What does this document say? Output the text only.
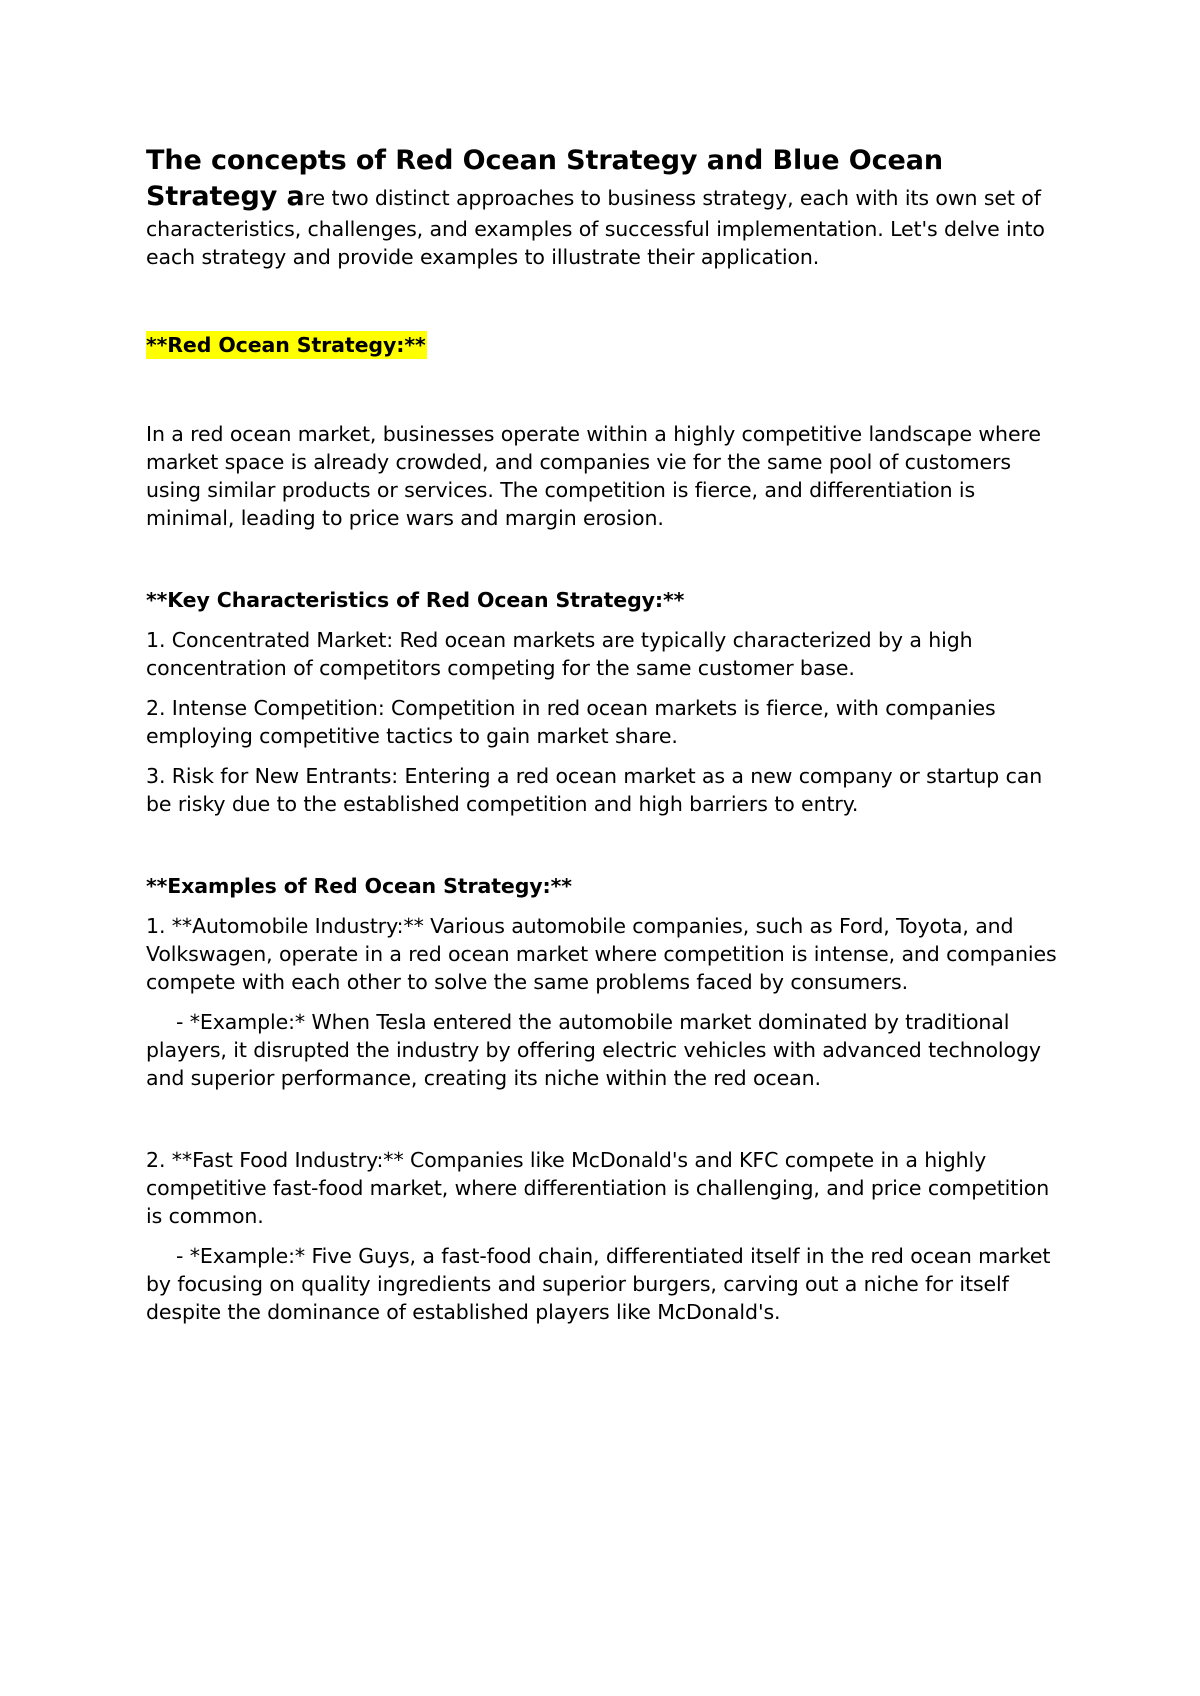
The concepts of Red Ocean Strategy and Blue Ocean Strategy are two distinct approaches to business strategy, each with its own set of characteristics, challenges, and examples of successful implementation. Let's delve into each strategy and provide examples to illustrate their application.

**Red Ocean Strategy:**

In a red ocean market, businesses operate within a highly competitive landscape where market space is already crowded, and companies vie for the same pool of customers using similar products or services. The competition is fierce, and differentiation is minimal, leading to price wars and margin erosion.

**Key Characteristics of Red Ocean Strategy:**

1. Concentrated Market: Red ocean markets are typically characterized by a high concentration of competitors competing for the same customer base.

2. Intense Competition: Competition in red ocean markets is fierce, with companies employing competitive tactics to gain market share.

3. Risk for New Entrants: Entering a red ocean market as a new company or startup can be risky due to the established competition and high barriers to entry.

**Examples of Red Ocean Strategy:**

1. **Automobile Industry:** Various automobile companies, such as Ford, Toyota, and Volkswagen, operate in a red ocean market where competition is intense, and companies compete with each other to solve the same problems faced by consumers.

- *Example:* When Tesla entered the automobile market dominated by traditional players, it disrupted the industry by offering electric vehicles with advanced technology and superior performance, creating its niche within the red ocean.

2. **Fast Food Industry:** Companies like McDonald's and KFC compete in a highly competitive fast-food market, where differentiation is challenging, and price competition is common.

- *Example:* Five Guys, a fast-food chain, differentiated itself in the red ocean market by focusing on quality ingredients and superior burgers, carving out a niche for itself despite the dominance of established players like McDonald's.
